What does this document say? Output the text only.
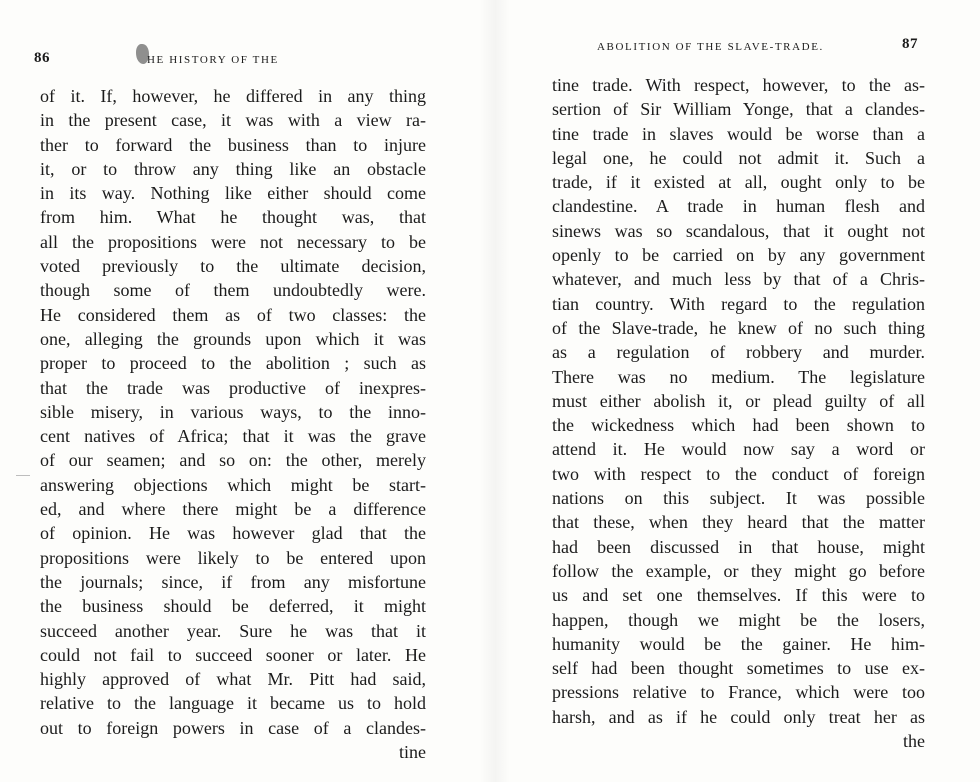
86	HE HISTORY OF THE
of it. If, however, he differed in any thing
in the present case, it was with a view ra-
ther to forward the business than to injure
it, or to throw any thing like an obstacle
in its way. Nothing like either should come
from him. What he thought was, that
all the propositions were not necessary to be
voted previously to the ultimate decision,
though some of them undoubtedly were.
He considered them as of two classes: the
one, alleging the grounds upon which it was
proper to proceed to the abolition ; such as
that the trade was productive of inexpres-
sible misery, in various ways, to the inno-
cent natives of Africa; that it was the grave
of our seamen; and so on: the other, merely
answering objections which might be start-
ed, and where there might be a difference
of opinion. He was however glad that the
propositions were likely to be entered upon
the journals; since, if from any misfortune
the business should be deferred, it might
succeed another year. Sure he was that it
could not fail to succeed sooner or later. He
highly approved of what Mr. Pitt had said,
relative to the language it became us to hold
out to foreign powers in case of a clandes-
tine
ABOLITION OF THE SLAVE-TRADE.	87
tine trade. With respect, however, to the as-
sertion of Sir William Yonge, that a clandes-
tine trade in slaves would be worse than a
legal one, he could not admit it. Such a
trade, if it existed at all, ought only to be
clandestine. A trade in human flesh and
sinews was so scandalous, that it ought not
openly to be carried on by any government
whatever, and much less by that of a Chris-
tian country. With regard to the regulation
of the Slave-trade, he knew of no such thing
as a regulation of robbery and murder.
There was no medium. The legislature
must either abolish it, or plead guilty of all
the wickedness which had been shown to
attend it. He would now say a word or
two with respect to the conduct of foreign
nations on this subject. It was possible
that these, when they heard that the matter
had been discussed in that house, might
follow the example, or they might go before
us and set one themselves. If this were to
happen, though we might be the losers,
humanity would be the gainer. He him-
self had been thought sometimes to use ex-
pressions relative to France, which were too
harsh, and as if he could only treat her as
the
